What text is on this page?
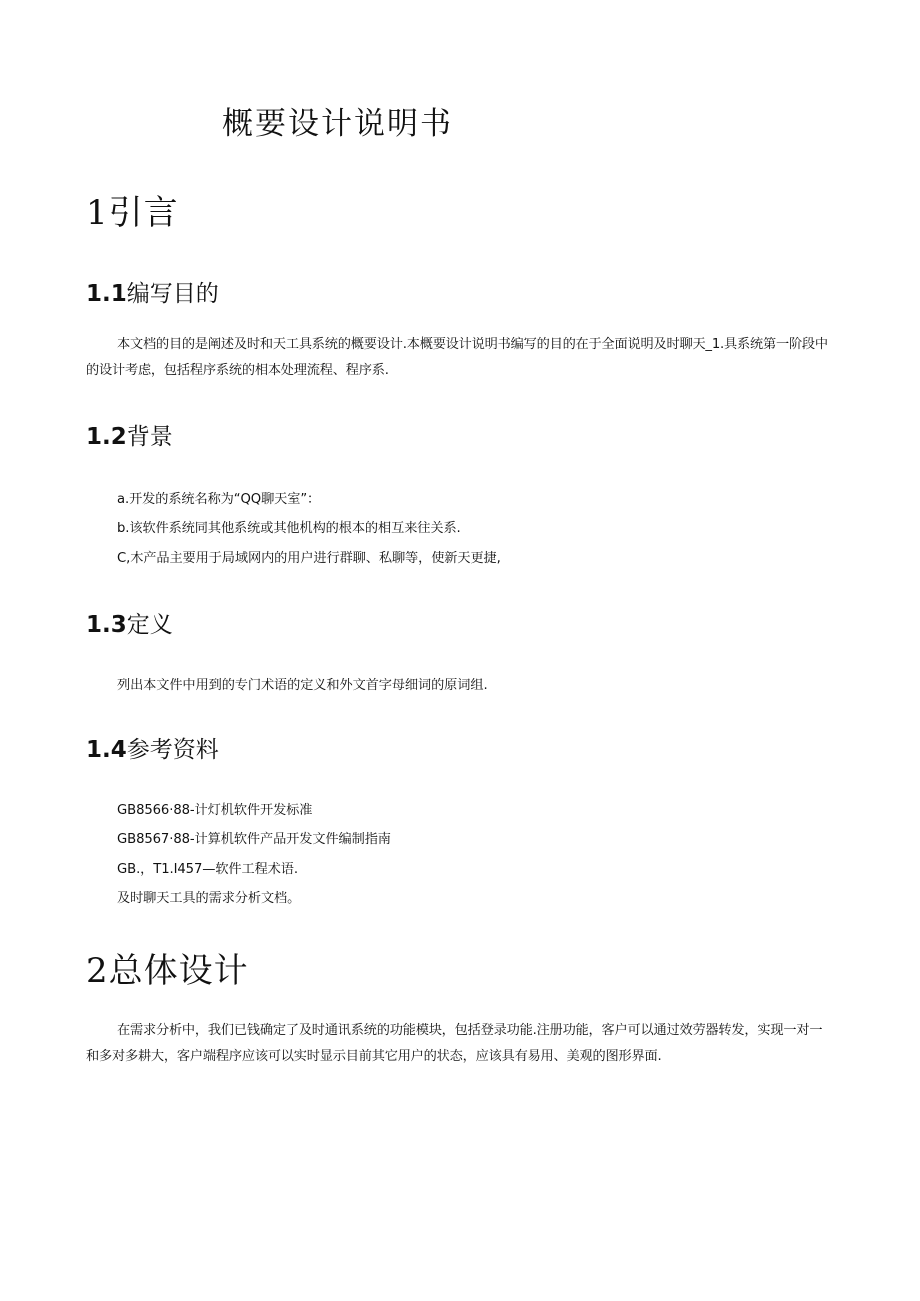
概要设计说明书
1引言
1.1编写目的
本文档的目的是阐述及时和天工具系统的概要设计.本概要设计说明书编写的目的在于全面说明及时聊天_1.具系统第一阶段中的设计考虑，包括程序系统的相本处理流程、程序系.
1.2背景
a.开发的系统名称为“QQ聊天室”：
b.该软件系统同其他系统或其他机构的根本的相互来往关系.
C,木产品主要用于局域网内的用户进行群聊、私聊等，使新天更捷,
1.3定义
列出本文件中用到的专门术语的定义和外文首字母细词的原词组.
1.4参考资料
GB8566·88-计灯机软件开发标准
GB8567·88-计算机软件产品开发文件编制指南
GB.，T1.I457—软件工程术语.
及时聊天工具的需求分析文档。
2总体设计
在需求分析中，我们已钱确定了及时通讯系统的功能模块，包括登录功能.注册功能，客户可以通过效劳器转发，实现一对一和多对多耕大，客户端程序应该可以实时显示目前其它用户的状态，应该具有易用、美观的图形界面.
